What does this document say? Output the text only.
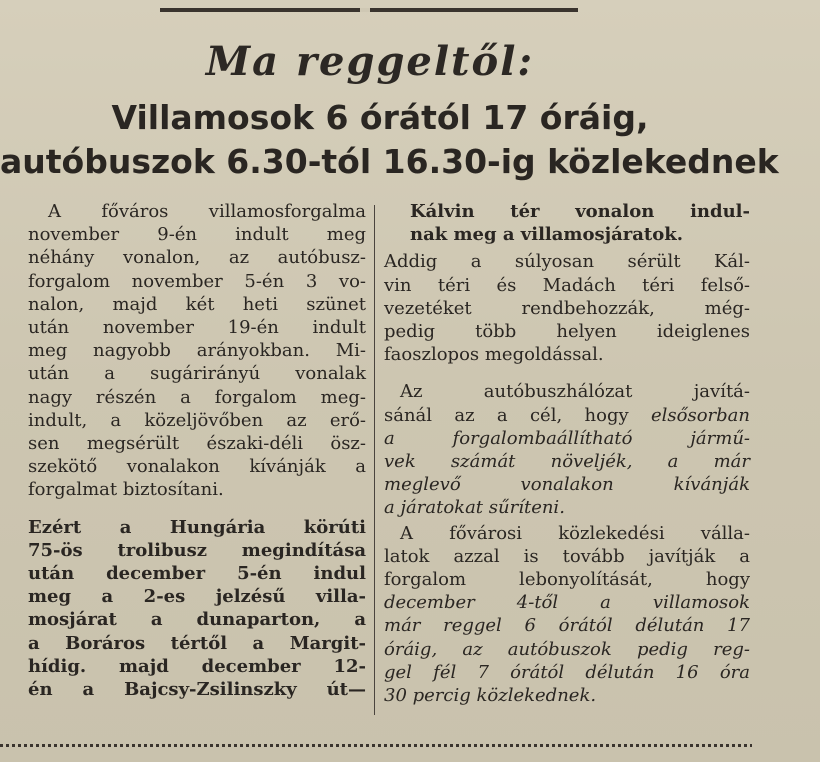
Ma reggeltől:
Villamosok 6 órától 17 óráig,
autóbuszok 6.30-tól 16.30-ig közlekednek

A főváros villamosforgalma
november 9-én indult meg
néhány vonalon, az autóbusz-
forgalom november 5-én 3 vo-
nalon, majd két heti szünet
után november 19-én indult
meg nagyobb arányokban. Mi-
után a sugárirányú vonalak
nagy részén a forgalom meg-
indult, a közeljövőben az erő-
sen megsérült északi-déli ösz-
szekötő vonalakon kívánják a
forgalmat biztosítani.

Ezért a Hungária körúti
75-ös trolibusz megindítása
után december 5-én indul
meg a 2-es jelzésű villa-
mosjárat a dunaparton, a
a Boráros tértől a Margit-
hídig. majd december 12-
én a Bajcsy-Zsilinszky út—

Kálvin tér vonalon indul-
nak meg a villamosjáratok.

Addig a súlyosan sérült Kál-
vin téri és Madách téri felső-
vezetéket rendbehozzák, még-
pedig több helyen ideiglenes
faoszlopos megoldással.

Az autóbuszhálózat javítá-
sánál az a cél, hogy elsősorban
a forgalombaállítható jármű-
vek számát növeljék, a már
meglevő vonalakon kívánják
a járatokat sűríteni.

A fővárosi közlekedési válla-
latok azzal is tovább javítják a
forgalom lebonyolítását, hogy
december 4-től a villamosok
már reggel 6 órától délután 17
óráig, az autóbuszok pedig reg-
gel fél 7 órától délután 16 óra
30 percig közlekednek.
